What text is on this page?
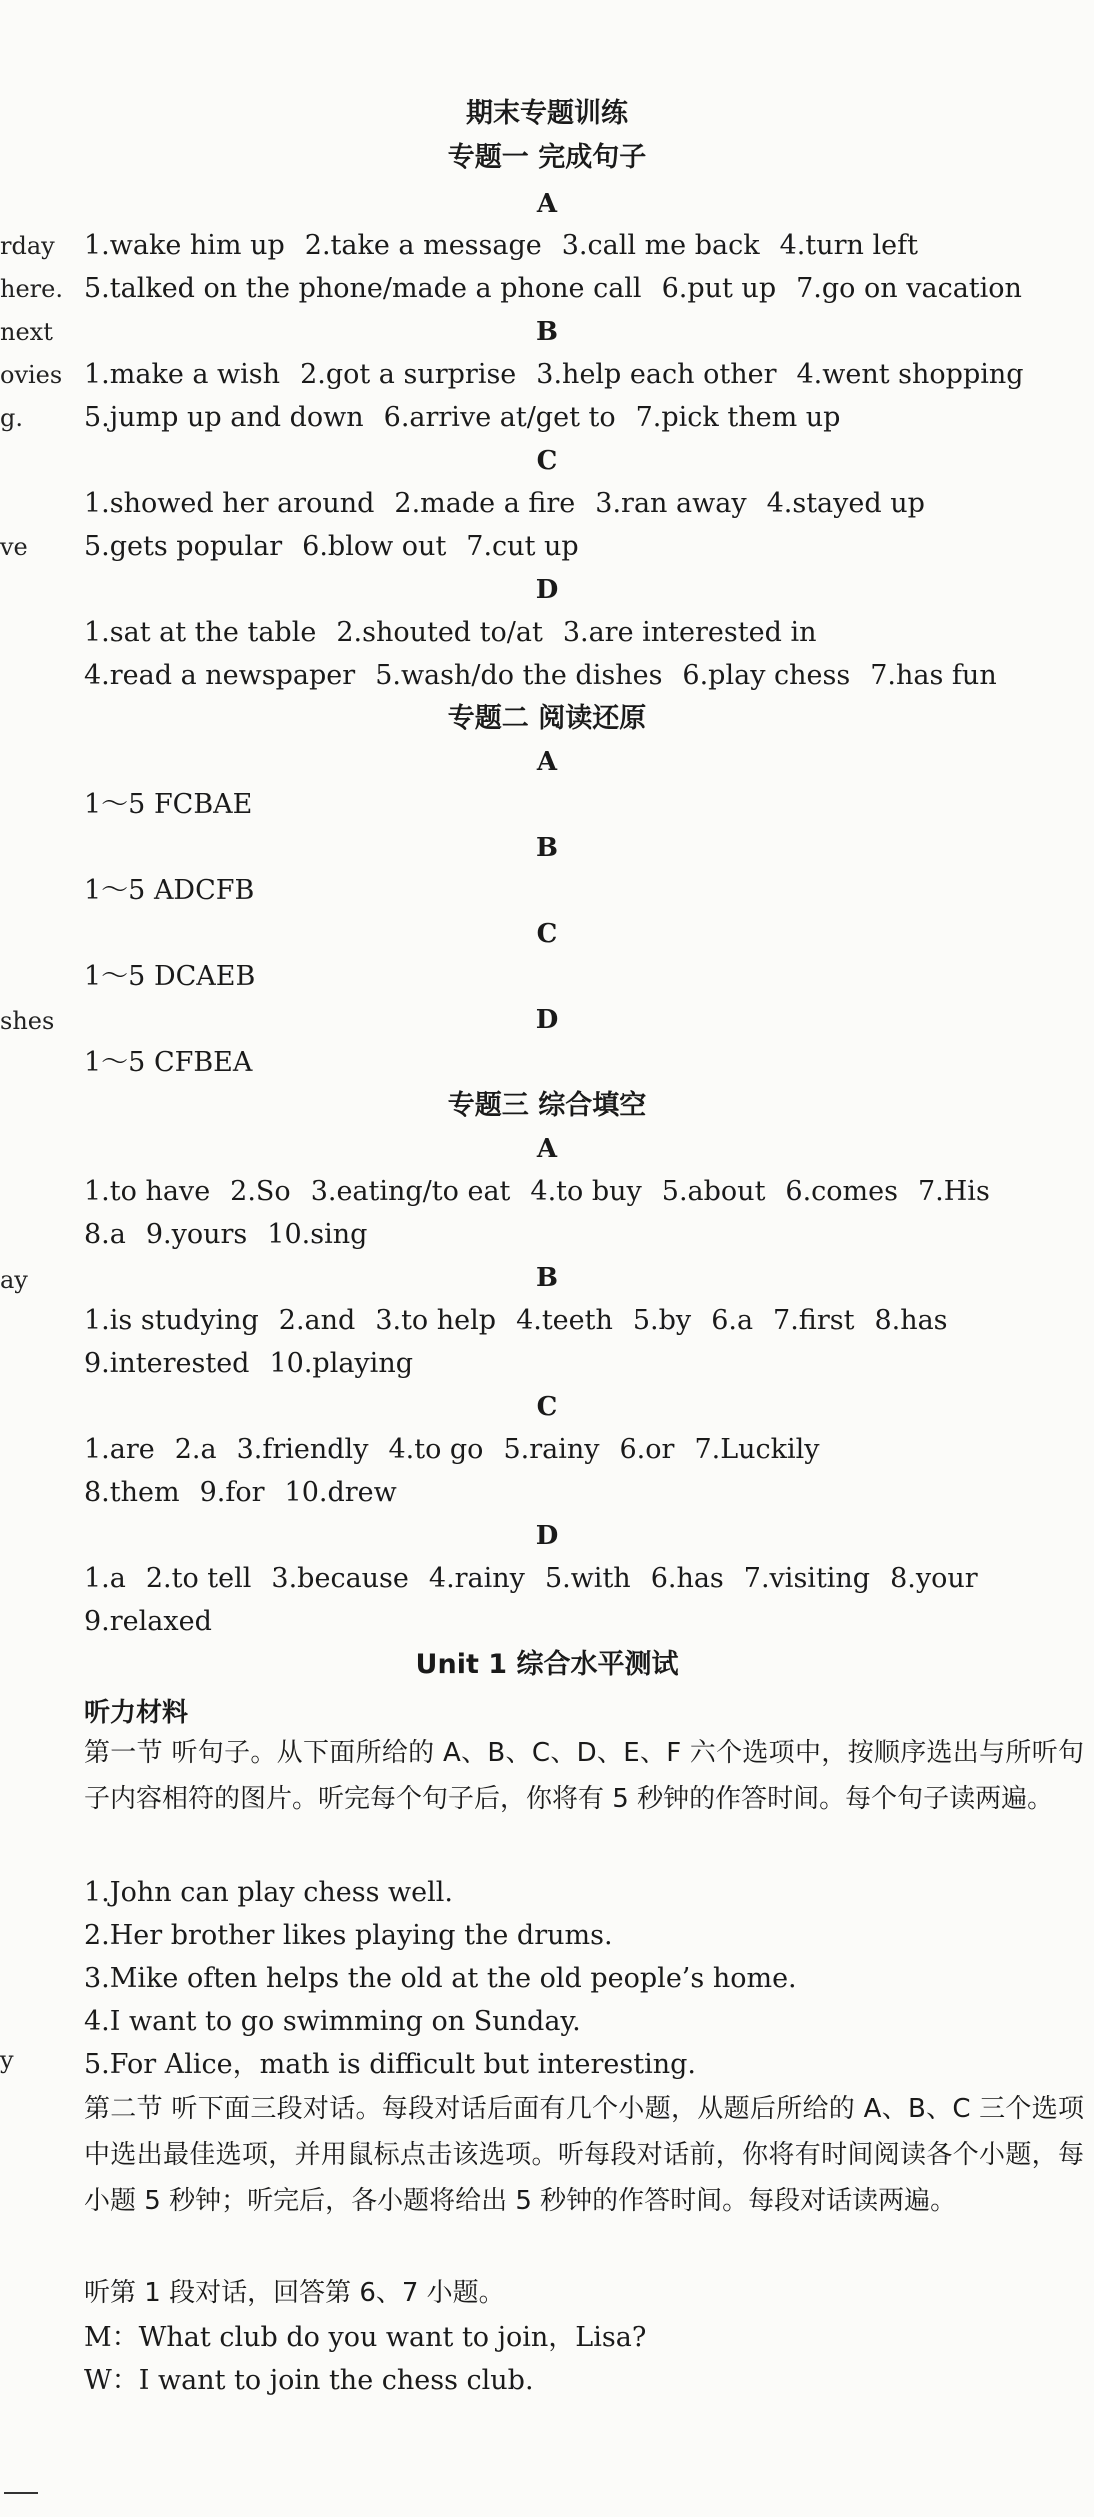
rday
here.
next
ovies
g.
ve
shes
ay
y
期末专题训练
专题一 完成句子
A
1.wake him up 2.take a message 3.call me back 4.turn left
5.talked on the phone/made a phone call 6.put up 7.go on vacation
B
1.make a wish 2.got a surprise 3.help each other 4.went shopping
5.jump up and down 6.arrive at/get to 7.pick them up
C
1.showed her around 2.made a fire 3.ran away 4.stayed up
5.gets popular 6.blow out 7.cut up
D
1.sat at the table 2.shouted to/at 3.are interested in
4.read a newspaper 5.wash/do the dishes 6.play chess 7.has fun
专题二 阅读还原
A
1～5 FCBAE
B
1～5 ADCFB
C
1～5 DCAEB
D
1～5 CFBEA
专题三 综合填空
A
1.to have 2.So 3.eating/to eat 4.to buy 5.about 6.comes 7.His
8.a 9.yours 10.sing
B
1.is studying 2.and 3.to help 4.teeth 5.by 6.a 7.first 8.has
9.interested 10.playing
C
1.are 2.a 3.friendly 4.to go 5.rainy 6.or 7.Luckily
8.them 9.for 10.drew
D
1.a 2.to tell 3.because 4.rainy 5.with 6.has 7.visiting 8.your
9.relaxed
Unit 1 综合水平测试
听力材料
第一节 听句子。从下面所给的 A、B、C、D、E、F 六个选项中，按顺序选出与所听句子内容相符的图片。听完每个句子后，你将有 5 秒钟的作答时间。每个句子读两遍。
1.John can play chess well.
2.Her brother likes playing the drums.
3.Mike often helps the old at the old people’s home.
4.I want to go swimming on Sunday.
5.For Alice，math is difficult but interesting.
第二节 听下面三段对话。每段对话后面有几个小题，从题后所给的 A、B、C 三个选项中选出最佳选项，并用鼠标点击该选项。听每段对话前，你将有时间阅读各个小题，每小题 5 秒钟；听完后，各小题将给出 5 秒钟的作答时间。每段对话读两遍。
听第 1 段对话，回答第 6、7 小题。
M：What club do you want to join，Lisa?
W：I want to join the chess club.
